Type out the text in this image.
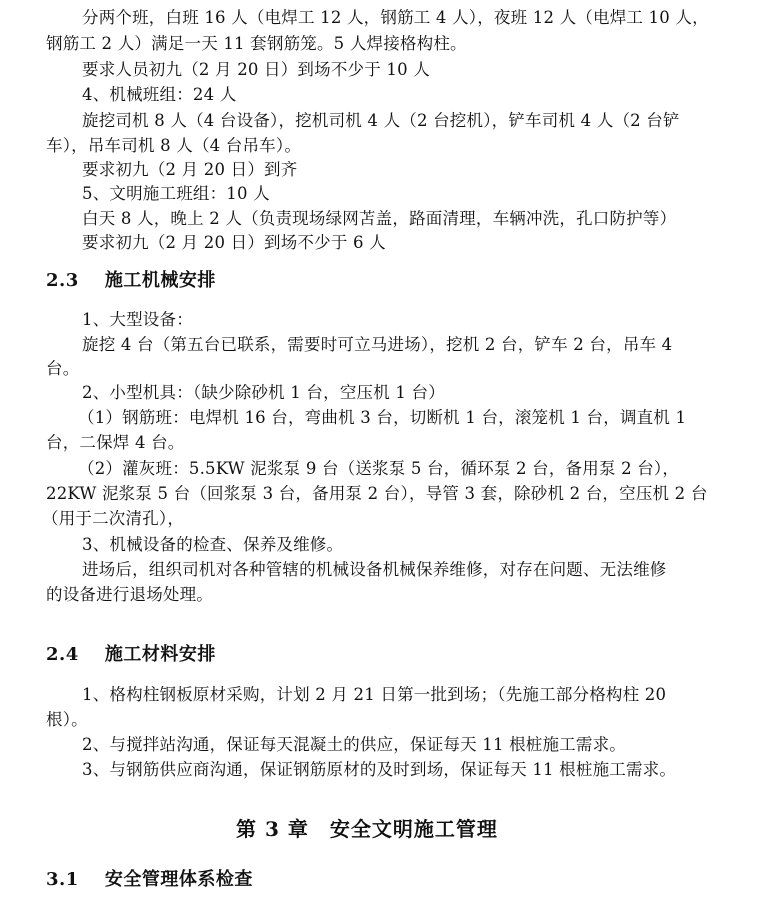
分两个班，白班 16 人（电焊工 12 人，钢筋工 4 人），夜班 12 人（电焊工 10 人，
钢筋工 2 人）满足一天 11 套钢筋笼。5 人焊接格构柱。
要求人员初九（2 月 20 日）到场不少于 10 人
4、机械班组：24 人
旋挖司机 8 人（4 台设备），挖机司机 4 人（2 台挖机），铲车司机 4 人（2 台铲
车），吊车司机 8 人（4 台吊车）。
要求初九（2 月 20 日）到齐
5、文明施工班组：10 人
白天 8 人，晚上 2 人（负责现场绿网苫盖，路面清理，车辆冲洗，孔口防护等）
要求初九（2 月 20 日）到场不少于 6 人
2.3 施工机械安排
1、大型设备：
旋挖 4 台（第五台已联系，需要时可立马进场），挖机 2 台，铲车 2 台，吊车 4
台。
2、小型机具：（缺少除砂机 1 台，空压机 1 台）
（1）钢筋班：电焊机 16 台，弯曲机 3 台，切断机 1 台，滚笼机 1 台，调直机 1
台，二保焊 4 台。
（2）灌灰班：5.5KW 泥浆泵 9 台（送浆泵 5 台，循环泵 2 台，备用泵 2 台），
22KW 泥浆泵 5 台（回浆泵 3 台，备用泵 2 台），导管 3 套，除砂机 2 台，空压机 2 台
（用于二次清孔），
3、机械设备的检查、保养及维修。
进场后，组织司机对各种管辖的机械设备机械保养维修，对存在问题、无法维修
的设备进行退场处理。
2.4 施工材料安排
1、格构柱钢板原材采购，计划 2 月 21 日第一批到场；（先施工部分格构柱 20
根）。
2、与搅拌站沟通，保证每天混凝土的供应，保证每天 11 根桩施工需求。
3、与钢筋供应商沟通，保证钢筋原材的及时到场，保证每天 11 根桩施工需求。
第 3 章　安全文明施工管理
3.1 安全管理体系检查
